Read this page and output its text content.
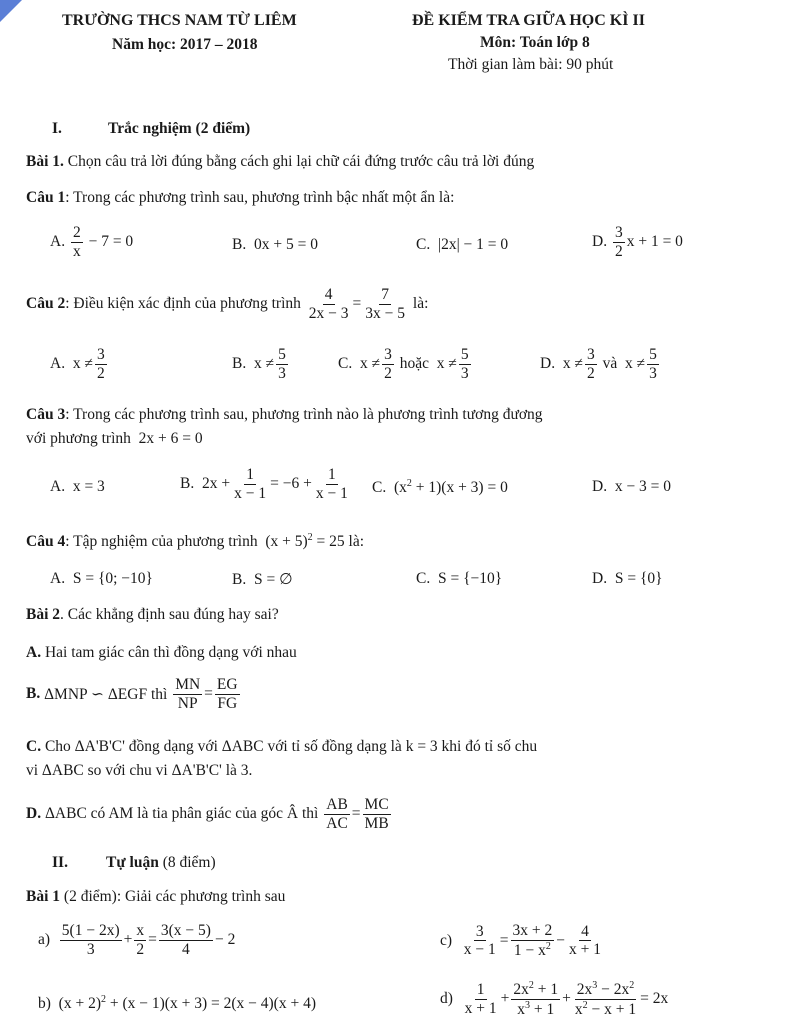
TRƯỜNG THCS NAM TỪ LIÊM
Năm học: 2017 – 2018
ĐỀ KIỂM TRA GIỮA HỌC KÌ II
Môn: Toán lớp 8
Thời gian làm bài: 90 phút
I.	Trắc nghiệm (2 điểm)
Bài 1. Chọn câu trả lời đúng bằng cách ghi lại chữ cái đứng trước câu trả lời đúng
Câu 1: Trong các phương trình sau, phương trình bậc nhất một ẩn là:
A. $\frac{2}{x} - 7 = 0$	B.  0x + 5 = 0	C.  |2x| − 1 = 0	D. $\frac{3}{2}$ x + 1 = 0
Câu 2 : Điều kiện xác định của phương trình
$\frac{4}{2x - 3} = \frac{7}{3x - 5}$
là:
A.  $x \ne \frac{3}{2}$	B.  $x \ne \frac{5}{3}$	C.  $x \ne \frac{3}{2}$ hoặc  $x \ne \frac{5}{3}$	D.  $x \ne \frac{3}{2}$ và  $x \ne \frac{5}{3}$
Câu 3: Trong các phương trình sau, phương trình nào là phương trình tương đương
với phương trình 2x + 6 = 0
A.  x = 3	B.  $2x + \frac{1}{x - 1} = -6 + \frac{1}{x - 1} C$.  $(x^2 + 1)(x + 3) = 0$	D.  x − 3 = 0
Câu 4: Tập nghiệm của phương trình  $(x + 5)^2 = 25$ là:
A.  S = {0; −10}	B.  S = ∅	C.  S = {−10}	D.  S = {0}
Bài 2. Các khẳng định sau đúng hay sai?
A. Hai tam giác cân thì đồng dạng với nhau
B.
ΔMNP ∽ ΔEGF thì
$\frac{MN}{NP} = \frac{EG}{FG}$
C. Cho ΔA'B'C' đồng dạng với ΔABC với tỉ số đồng dạng là k = 3 khi đó tỉ số chu
vi ΔABC so với chu vi ΔA'B'C' là 3.
D.
ΔABC có AM là tia phân giác của góc Â thì
$\frac{AB}{AC} = \frac{MC}{MB}$
II. Tự luận (8 điểm)
Bài 1 (2 điểm): Giải các phương trình sau
$a) \frac{5(1 - 2x)}{3} + \frac{x}{2} = \frac{3(x - 5)}{4} - 2$	$c) \frac{3}{x - 1} = \frac{3x + 2}{1 - x^2} - \frac{4}{x + 1}$
b)  $(x + 2)^2 + (x - 1)(x + 3) = 2(x - 4)(x + 4)$	$d) \frac{1}{x + 1} + \frac{2x^2 + 1}{x^3 + 1} + \frac{2x^3 - 2x^2}{x^2 - x + 1} = 2x$
